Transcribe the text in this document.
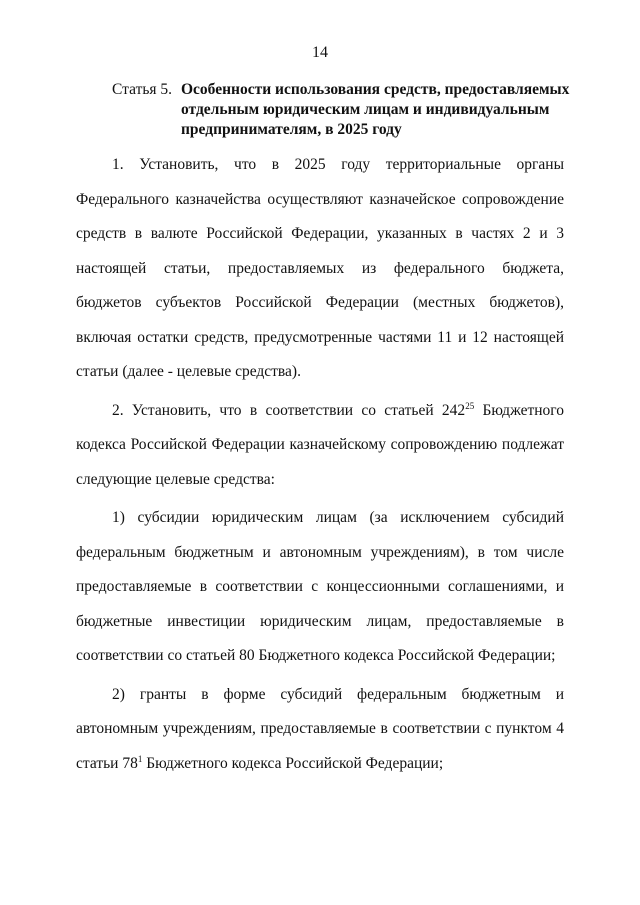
14
Статья 5. Особенности использования средств, предоставляемых отдельным юридическим лицам и индивидуальным предпринимателям, в 2025 году

1. Установить, что в 2025 году территориальные органы Федерального казначейства осуществляют казначейское сопровождение средств в валюте Российской Федерации, указанных в частях 2 и 3 настоящей статьи, предоставляемых из федерального бюджета, бюджетов субъектов Российской Федерации (местных бюджетов), включая остатки средств, предусмотренные частями 11 и 12 настоящей статьи (далее - целевые средства).

2. Установить, что в соответствии со статьей $242^{25}$ Бюджетного кодекса Российской Федерации казначейскому сопровождению подлежат следующие целевые средства:

1) субсидии юридическим лицам (за исключением субсидий федеральным бюджетным и автономным учреждениям), в том числе предоставляемые в соответствии с концессионными соглашениями, и бюджетные инвестиции юридическим лицам, предоставляемые в соответствии со статьей 80 Бюджетного кодекса Российской Федерации;

2) гранты в форме субсидий федеральным бюджетным и автономным учреждениям, предоставляемые в соответствии с пунктом 4 статьи $78^1$ Бюджетного кодекса Российской Федерации;
